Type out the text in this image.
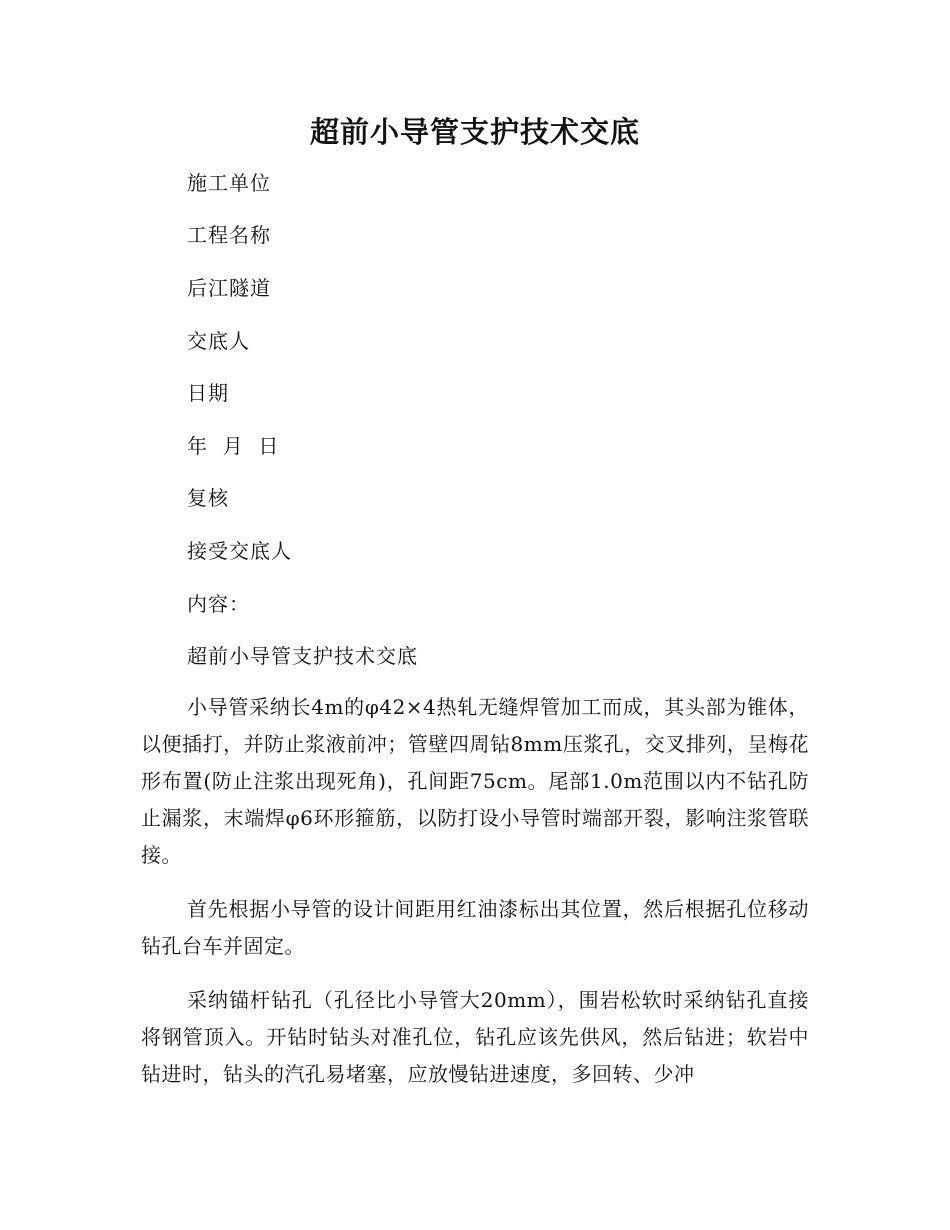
超前小导管支护技术交底
施工单位
工程名称
后江隧道
交底人
日期
年  月  日
复核
接受交底人
内容：
超前小导管支护技术交底

小导管采纳长4m的φ42×4热轧无缝焊管加工而成，其头部为锥体，以便插打，并防止浆液前冲；管壁四周钻8mm压浆孔，交叉排列，呈梅花形布置(防止注浆出现死角)，孔间距75cm。尾部1.0m范围以内不钻孔防止漏浆，末端焊φ6环形箍筋，以防打设小导管时端部开裂，影响注浆管联接。

首先根据小导管的设计间距用红油漆标出其位置，然后根据孔位移动钻孔台车并固定。

采纳锚杆钻孔（孔径比小导管大20mm），围岩松软时采纳钻孔直接将钢管顶入。开钻时钻头对准孔位，钻孔应该先供风，然后钻进；软岩中钻进时，钻头的汽孔易堵塞，应放慢钻进速度，多回转、少冲
